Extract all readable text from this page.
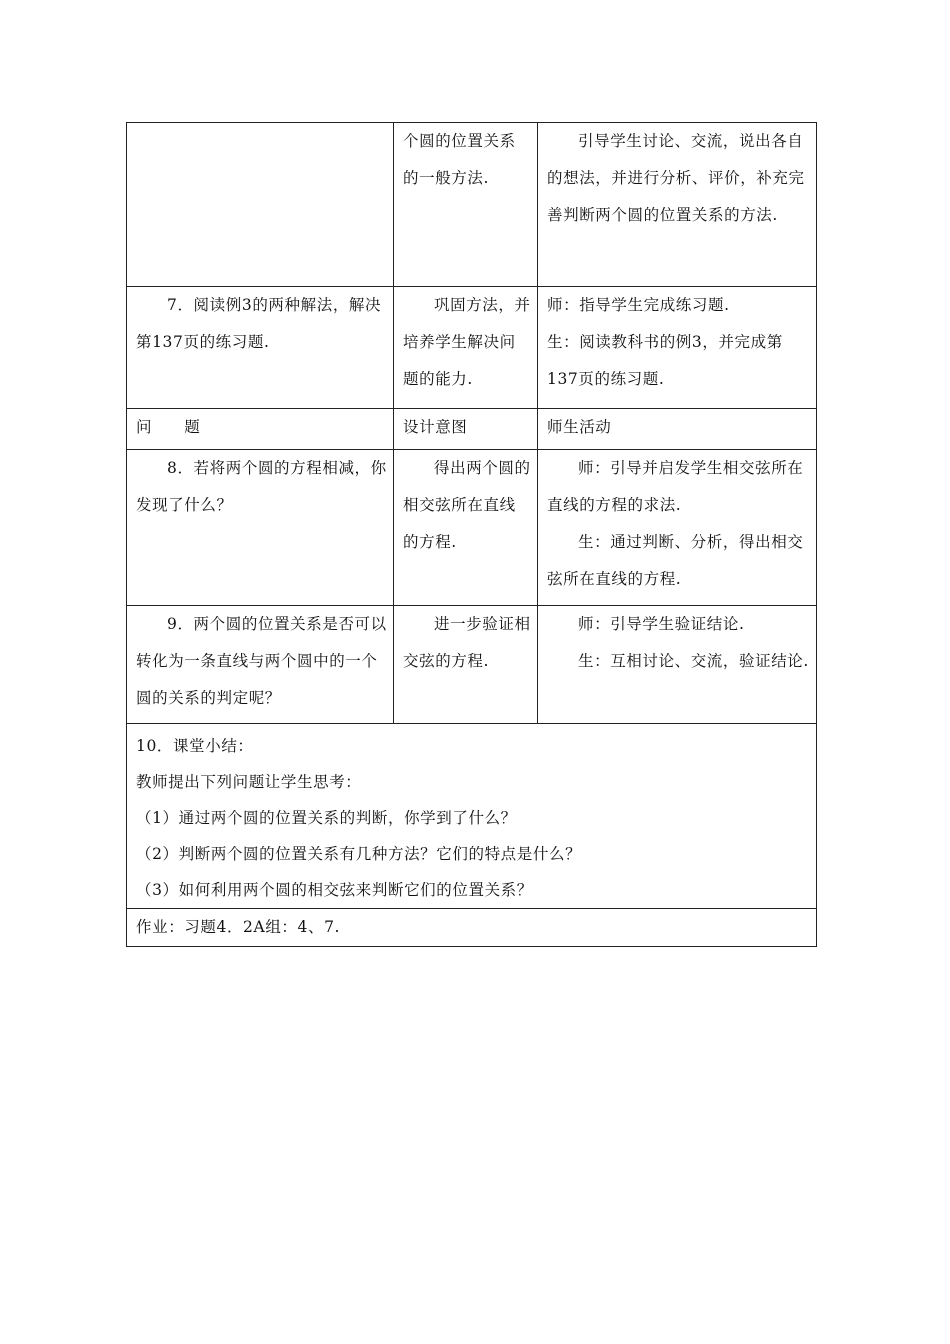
	个圆的位置关系的一般方法.	引导学生讨论、交流，说出各自的想法，并进行分析、评价，补充完善判断两个圆的位置关系的方法.

7．阅读例3的两种解法，解决第137页的练习题.	巩固方法，并培养学生解决问题的能力.	师：指导学生完成练习题.

生：阅读教科书的例3，并完成第137页的练习题.

问　　题	设计意图	师生活动

8．若将两个圆的方程相减，你发现了什么？	得出两个圆的相交弦所在直线的方程.	师：引导并启发学生相交弦所在直线的方程的求法.

生：通过判断、分析，得出相交弦所在直线的方程.

9．两个圆的位置关系是否可以转化为一条直线与两个圆中的一个圆的关系的判定呢？	进一步验证相交弦的方程.	师：引导学生验证结论.

生：互相讨论、交流，验证结论.

10．课堂小结：

教师提出下列问题让学生思考：

（1）通过两个圆的位置关系的判断，你学到了什么？

（2）判断两个圆的位置关系有几种方法？它们的特点是什么？

（3）如何利用两个圆的相交弦来判断它们的位置关系？		

作业：习题4．2A组：4、7.		
